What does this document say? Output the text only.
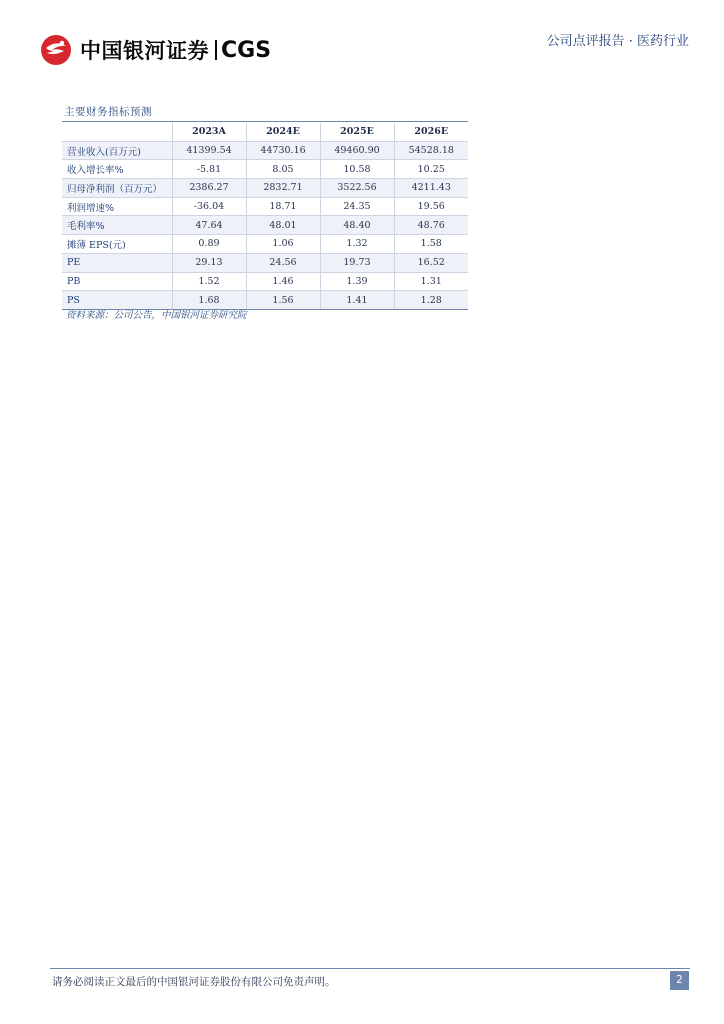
中国银河证券 CGS	公司点评报告 · 医药行业
主要财务指标预测
	2023A	2024E	2025E	2026E
营业收入(百万元)	41399.54	44730.16	49460.90	54528.18
收入增长率%	-5.81	8.05	10.58	10.25
归母净利润（百万元）	2386.27	2832.71	3522.56	4211.43
利润增速%	-36.04	18.71	24.35	19.56
毛利率%	47.64	48.01	48.40	48.76
摊薄 EPS(元)	0.89	1.06	1.32	1.58
PE	29.13	24.56	19.73	16.52
PB	1.52	1.46	1.39	1.31
PS	1.68	1.56	1.41	1.28
资料来源：公司公告，中国银河证券研究院
请务必阅读正文最后的中国银河证券股份有限公司免责声明。	2
